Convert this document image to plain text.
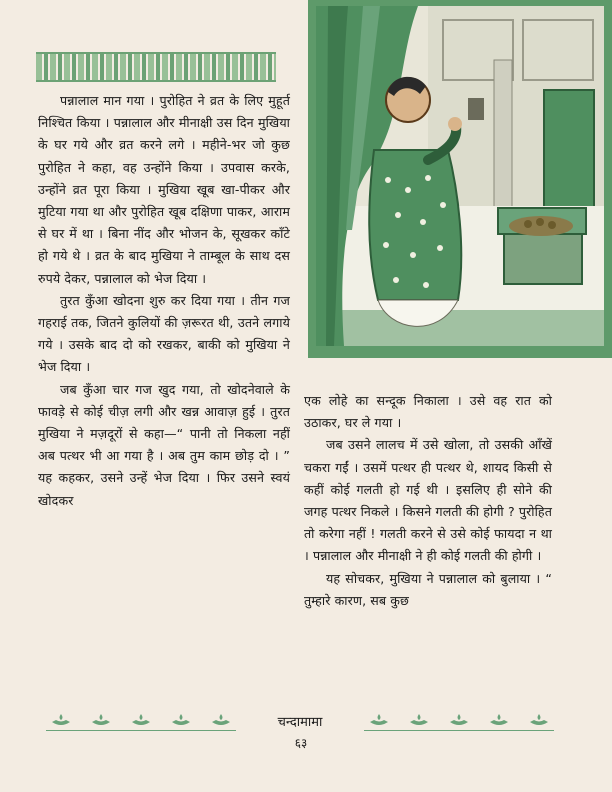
पन्नालाल मान गया । पुरोहित ने व्रत के लिए मुहूर्त निश्चित किया । पन्नालाल और मीनाक्षी उस दिन मुखिया के घर गये और व्रत करने लगे । महीने-भर जो कुछ पुरोहित ने कहा, वह उन्होंने किया । उपवास करके, उन्होंने व्रत पूरा किया । मुखिया खूब खा-पीकर और मुटिया गया था और पुरोहित खूब दक्षिणा पाकर, आराम से घर में था । बिना नींद और भोजन के, सूखकर काँटे हो गये थे । व्रत के बाद मुखिया ने ताम्बूल के साथ दस रुपये देकर, पन्नालाल को भेज दिया ।

तुरत कुँआ खोदना शुरु कर दिया गया । तीन गज गहराई तक, जितने कुलियों की ज़रूरत थी, उतने लगाये गये । उसके बाद दो को रखकर, बाकी को मुखिया ने भेज दिया ।

जब कुँआ चार गज खुद गया, तो खोदनेवाले के फावड़े से कोई चीज़ लगी और खन्न आवाज़ हुई । तुरत मुखिया ने मज़दूरों से कहा—“ पानी तो निकला नहीं अब पत्थर भी आ गया है । अब तुम काम छोड़ दो । ” यह कहकर, उसने उन्हें भेज दिया । फिर उसने स्वयं खोदकर

एक लोहे का सन्दूक निकाला । उसे वह रात को उठाकर, घर ले गया ।

जब उसने लालच में उसे खोला, तो उसकी आँखें चकरा गईं । उसमें पत्थर ही पत्थर थे, शायद किसी से कहीं कोई गलती हो गई थी । इसलिए ही सोने की जगह पत्थर निकले । किसने गलती की होगी ? पुरोहित तो करेगा नहीं ! गलती करने से उसे कोई फायदा न था । पन्नालाल और मीनाक्षी ने ही कोई गलती की होगी ।

यह सोचकर, मुखिया ने पन्नालाल को बुलाया । “ तुम्हारे कारण, सब कुछ

चन्दामामा
६३
